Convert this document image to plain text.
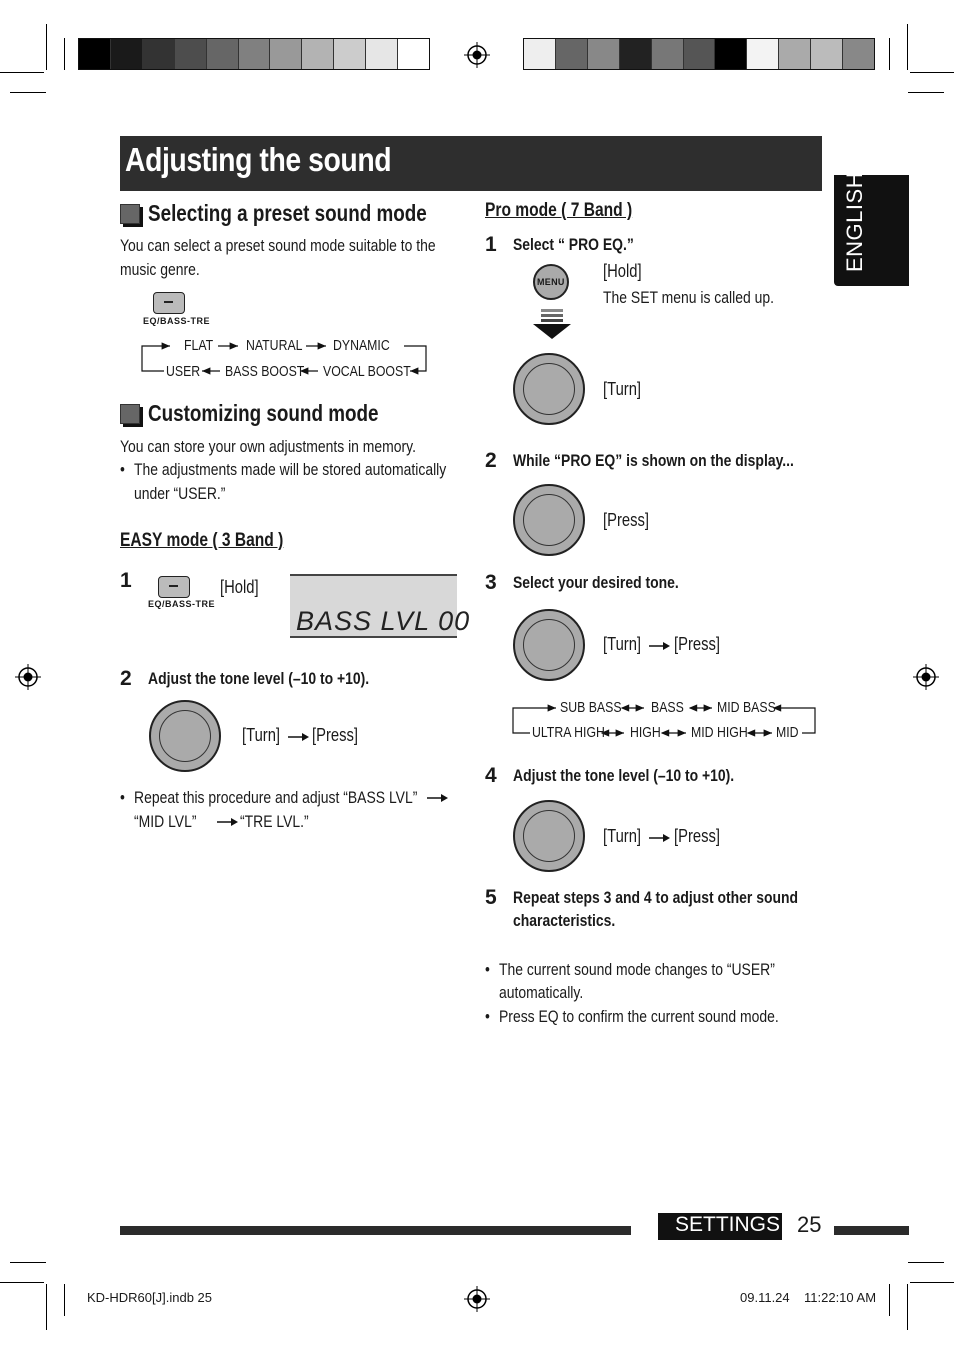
Adjusting the sound
ENGLISH
Selecting a preset sound mode
You can select a preset sound mode suitable to the
music genre.
EQ/BASS-TRE
FLAT NATURAL DYNAMIC
USER BASS BOOST VOCAL BOOST
Customizing sound mode
You can store your own adjustments in memory.
• The adjustments made will be stored automatically
under “USER.”
EASY mode ( 3 Band )
1
EQ/BASS-TRE
[Hold]
BASS LVL 00
2 Adjust the tone level (–10 to +10).
[Turn] [Press]
• Repeat this procedure and adjust “BASS LVL”
“MID LVL”	“TRE LVL.”
Pro mode ( 7 Band )
1 Select “ PRO EQ.”
MENU
[Hold]
The SET menu is called up.
[Turn]
2 While “PRO EQ” is shown on the display...
[Press]
3 Select your desired tone.
[Turn] [Press]
SUB BASS BASS MID BASS
ULTRA HIGH HIGH MID HIGH MID
4 Adjust the tone level (–10 to +10).
[Turn] [Press]
5 Repeat steps 3 and 4 to adjust other sound
characteristics.
• The current sound mode changes to “USER”
automatically.
• Press EQ to confirm the current sound mode.
SETTINGS 25
KD-HDR60[J].indb 25	09.11.24 11:22:10 AM
